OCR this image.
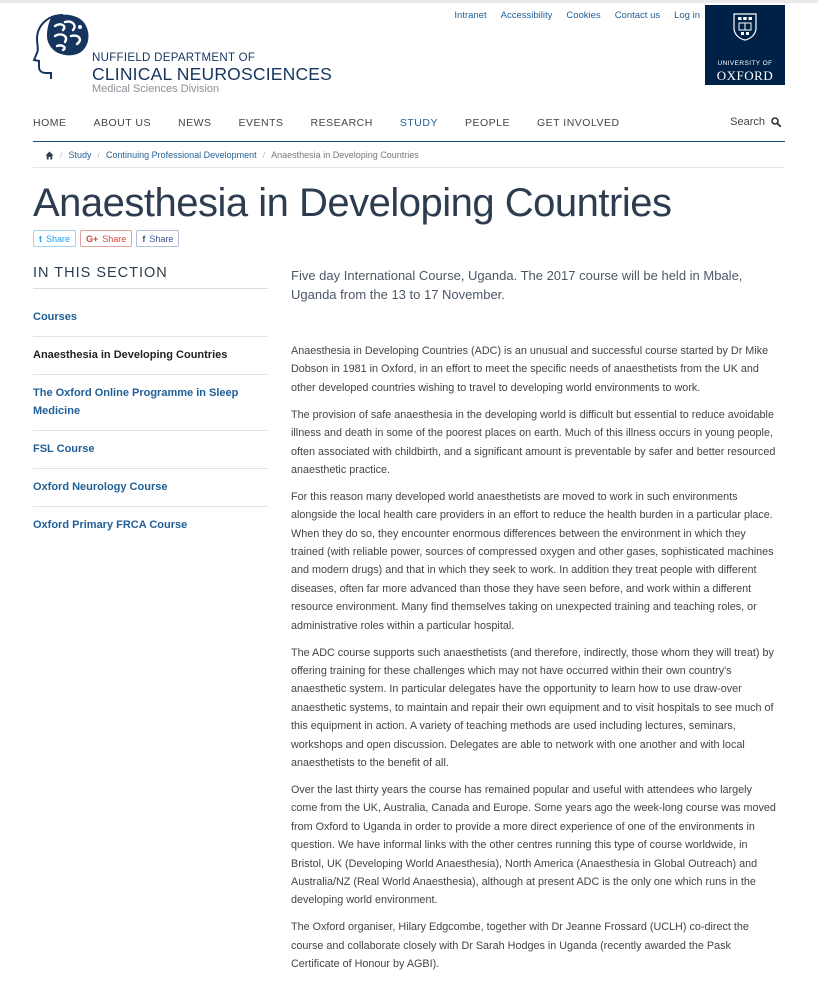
NUFFIELD DEPARTMENT OF
CLINICAL NEUROSCIENCES
Medical Sciences Division
Intranet Accessibility Cookies Contact us Log in
UNIVERSITY OF
OXFORD
HOME	ABOUT US	NEWS	EVENTS	RESEARCH	STUDY	PEOPLE	GET INVOLVED	Search
/ Study / Continuing Professional Development / Anaesthesia in Developing Countries
Anaesthesia in Developing Countries
t Share G+ Share f Share
IN THIS SECTION
Courses
Anaesthesia in Developing Countries
The Oxford Online Programme in Sleep Medicine
FSL Course
Oxford Neurology Course
Oxford Primary FRCA Course

Five day International Course, Uganda. The 2017 course will be held in Mbale, Uganda from the 13 to 17 November.

Anaesthesia in Developing Countries (ADC) is an unusual and successful course started by Dr Mike Dobson in 1981 in Oxford, in an effort to meet the specific needs of anaesthetists from the UK and other developed countries wishing to travel to developing world environments to work.

The provision of safe anaesthesia in the developing world is difficult but essential to reduce avoidable illness and death in some of the poorest places on earth. Much of this illness occurs in young people, often associated with childbirth, and a significant amount is preventable by safer and better resourced anaesthetic practice.

For this reason many developed world anaesthetists are moved to work in such environments alongside the local health care providers in an effort to reduce the health burden in a particular place. When they do so, they encounter enormous differences between the environment in which they trained (with reliable power, sources of compressed oxygen and other gases, sophisticated machines and modern drugs) and that in which they seek to work. In addition they treat people with different diseases, often far more advanced than those they have seen before, and work within a different resource environment. Many find themselves taking on unexpected training and teaching roles, or administrative roles within a particular hospital.

The ADC course supports such anaesthetists (and therefore, indirectly, those whom they will treat) by offering training for these challenges which may not have occurred within their own country's anaesthetic system. In particular delegates have the opportunity to learn how to use draw-over anaesthetic systems, to maintain and repair their own equipment and to visit hospitals to see much of this equipment in action. A variety of teaching methods are used including lectures, seminars, workshops and open discussion. Delegates are able to network with one another and with local anaesthetists to the benefit of all.

Over the last thirty years the course has remained popular and useful with attendees who largely come from the UK, Australia, Canada and Europe. Some years ago the week-long course was moved from Oxford to Uganda in order to provide a more direct experience of one of the environments in question. We have informal links with the other centres running this type of course worldwide, in Bristol, UK (Developing World Anaesthesia), North America (Anaesthesia in Global Outreach) and Australia/NZ (Real World Anaesthesia), although at present ADC is the only one which runs in the developing world environment.

The Oxford organiser, Hilary Edgcombe, together with Dr Jeanne Frossard (UCLH) co-direct the course and collaborate closely with Dr Sarah Hodges in Uganda (recently awarded the Pask Certificate of Honour by AGBI).
